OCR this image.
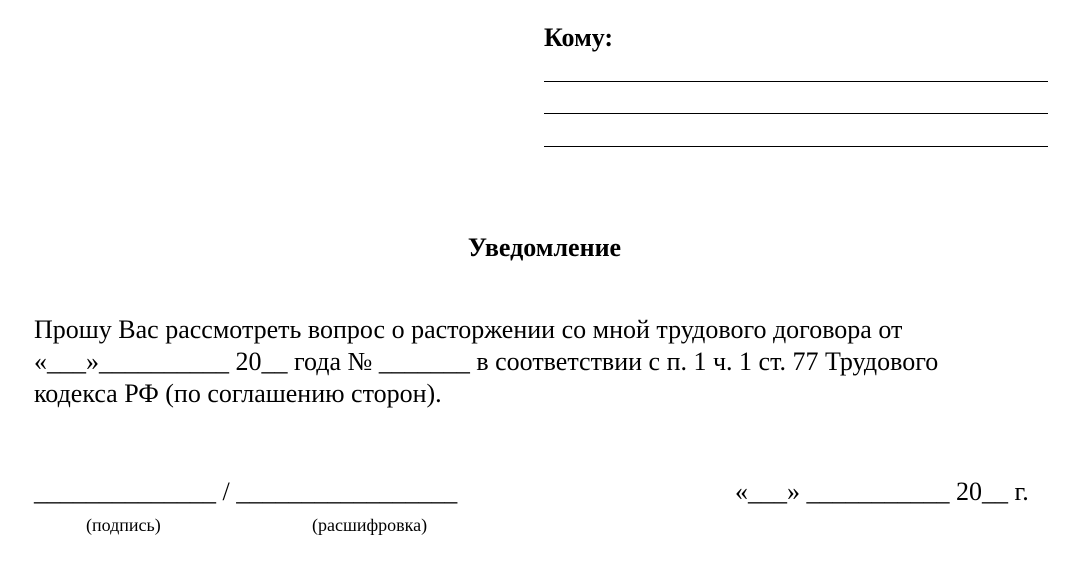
Кому:

Уведомление
Прошу Вас рассмотреть вопрос о расторжении со мной трудового договора от
«___»__________ 20__ года № _______ в соответствии с п. 1 ч. 1 ст. 77 Трудового
кодекса РФ (по соглашению сторон).
______________ / _________________	«___» ___________ 20__ г.
(подпись)	(расшифровка)
